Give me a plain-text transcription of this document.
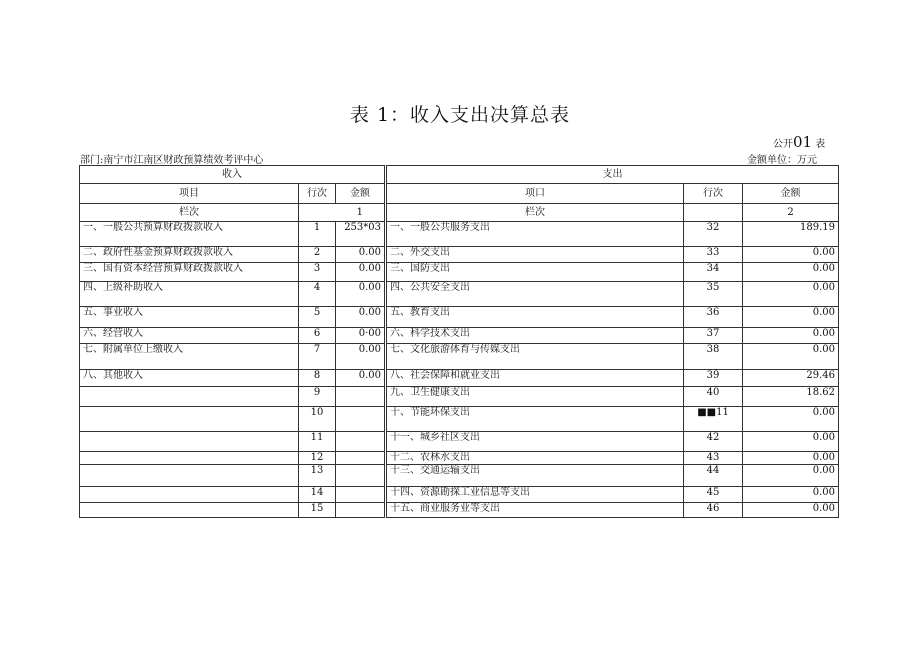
表 1：收入支出决算总表
公开01 表
部门:南宁市江南区财政预算绩效考评中心	金额单位：万元
收入			支出		
项目	行次	金额	项口	行次	金额
栏次		1	栏次		2
一、一般公共预算财政拨款收入	1	253*03	一、一般公共服务支出	32	189.19
二、政府性基金预算财政拨款收入	2	0.00	二、外交支出	33	0.00
三、国有资本经营预算财政拨款收入	3	0.00	三、国防支出	34	0.00
四、上级补助收入	4	0.00	四、公共安全支出	35	0.00
五、事业收入	5	0.00	五、教育支出	36	0.00
六、经营收入	6	0·00	六、科学技术支出	37	0.00
七、附属单位上缴收入	7	0.00	七、文化旅游体育与传媒支出	38	0.00
八、其他收入	8	0.00	八、社会保障和就业支出	39	29.46
	9		九、卫生健康支出	40	18.62
	10		十、节能环保支出	■■11	0.00
	11		十一、城乡社区支出	42	0.00
	12		十二、农林水支出	43	0.00
	13		十三、交通运输支出	44	0.00
	14		十四、资源勘探工业信息等支出	45	0.00
	15		十五、商业服务业等支出	46	0.00
